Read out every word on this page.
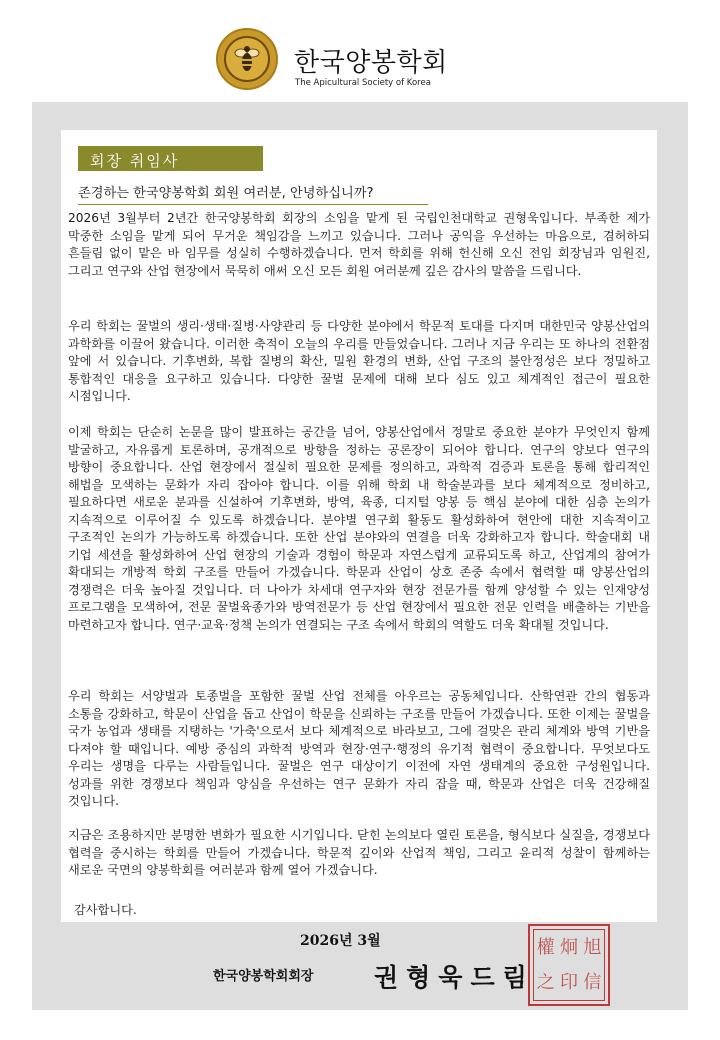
한국양봉학회
The Apicultural Society of Korea
회장 취임사
존경하는 한국양봉학회 회원 여러분, 안녕하십니까?

2026년 3월부터 2년간 한국양봉학회 회장의 소임을 맡게 된 국립인천대학교 권형욱입니다. 부족한 제가 막중한 소임을 맡게 되어 무거운 책임감을 느끼고 있습니다. 그러나 공익을 우선하는 마음으로, 겸허하되 흔들림 없이 맡은 바 임무를 성실히 수행하겠습니다. 먼저 학회를 위해 헌신해 오신 전임 회장님과 임원진, 그리고 연구와 산업 현장에서 묵묵히 애써 오신 모든 회원 여러분께 깊은 감사의 말씀을 드립니다.

우리 학회는 꿀벌의 생리·생태·질병·사양관리 등 다양한 분야에서 학문적 토대를 다지며 대한민국 양봉산업의 과학화를 이끌어 왔습니다. 이러한 축적이 오늘의 우리를 만들었습니다. 그러나 지금 우리는 또 하나의 전환점 앞에 서 있습니다. 기후변화, 복합 질병의 확산, 밀원 환경의 변화, 산업 구조의 불안정성은 보다 정밀하고 통합적인 대응을 요구하고 있습니다. 다양한 꿀벌 문제에 대해 보다 심도 있고 체계적인 접근이 필요한 시점입니다.

이제 학회는 단순히 논문을 많이 발표하는 공간을 넘어, 양봉산업에서 정말로 중요한 분야가 무엇인지 함께 발굴하고, 자유롭게 토론하며, 공개적으로 방향을 정하는 공론장이 되어야 합니다. 연구의 양보다 연구의 방향이 중요합니다. 산업 현장에서 절실히 필요한 문제를 정의하고, 과학적 검증과 토론을 통해 합리적인 해법을 모색하는 문화가 자리 잡아야 합니다. 이를 위해 학회 내 학술분과를 보다 체계적으로 정비하고, 필요하다면 새로운 분과를 신설하여 기후변화, 방역, 육종, 디지털 양봉 등 핵심 분야에 대한 심층 논의가 지속적으로 이루어질 수 있도록 하겠습니다. 분야별 연구회 활동도 활성화하여 현안에 대한 지속적이고 구조적인 논의가 가능하도록 하겠습니다. 또한 산업 분야와의 연결을 더욱 강화하고자 합니다. 학술대회 내 기업 세션을 활성화하여 산업 현장의 기술과 경험이 학문과 자연스럽게 교류되도록 하고, 산업계의 참여가 확대되는 개방적 학회 구조를 만들어 가겠습니다. 학문과 산업이 상호 존중 속에서 협력할 때 양봉산업의 경쟁력은 더욱 높아질 것입니다. 더 나아가 차세대 연구자와 현장 전문가를 함께 양성할 수 있는 인재양성 프로그램을 모색하여, 전문 꿀벌육종가와 방역전문가 등 산업 현장에서 필요한 전문 인력을 배출하는 기반을 마련하고자 합니다. 연구·교육·정책 논의가 연결되는 구조 속에서 학회의 역할도 더욱 확대될 것입니다.

우리 학회는 서양벌과 토종벌을 포함한 꿀벌 산업 전체를 아우르는 공동체입니다. 산학연관 간의 협동과 소통을 강화하고, 학문이 산업을 돕고 산업이 학문을 신뢰하는 구조를 만들어 가겠습니다. 또한 이제는 꿀벌을 국가 농업과 생태를 지탱하는 '가축'으로서 보다 체계적으로 바라보고, 그에 걸맞은 관리 체계와 방역 기반을 다져야 할 때입니다. 예방 중심의 과학적 방역과 현장·연구·행정의 유기적 협력이 중요합니다. 무엇보다도 우리는 생명을 다루는 사람들입니다. 꿀벌은 연구 대상이기 이전에 자연 생태계의 중요한 구성원입니다. 성과를 위한 경쟁보다 책임과 양심을 우선하는 연구 문화가 자리 잡을 때, 학문과 산업은 더욱 건강해질 것입니다.

지금은 조용하지만 분명한 변화가 필요한 시기입니다. 닫힌 논의보다 열린 토론을, 형식보다 실질을, 경쟁보다 협력을 중시하는 학회를 만들어 가겠습니다. 학문적 깊이와 산업적 책임, 그리고 윤리적 성찰이 함께하는 새로운 국면의 양봉학회를 여러분과 함께 열어 가겠습니다.

감사합니다.
2026년 3월
한국양봉학회회장 권형욱드림
權 炯 旭
之 印 信
